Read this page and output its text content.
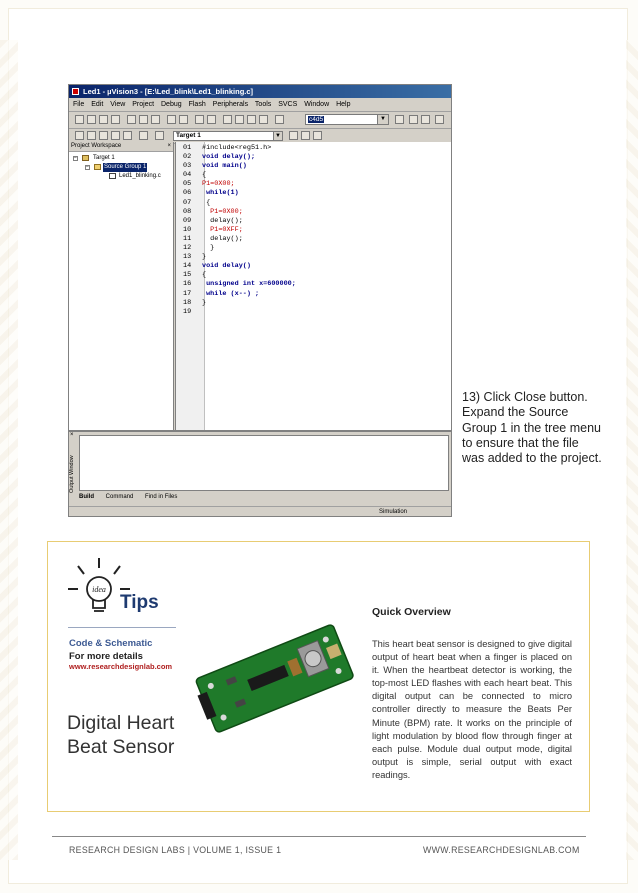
Led1 - µVision3 - [E:\Led_blink\Led1_blinking.c]
File Edit View Project Debug Flash Peripherals Tools SVCS Window Help
c4d5	▼
Target 1	▼
Project Workspace	×
−	Target 1
−	Source Group 1
Led1_blinking.c
01 #include<reg51.h>
02 void delay();
03 void main()
04 {
05 P1=0X00;
06 while(1)
07 {
08  P1=0X00;
09  delay();
10  P1=0XFF;
11  delay();
12  }
13 }
14 void delay()
15 {
16 unsigned int x=600000;
17 while (x--) ;
18 }
19
×
Output Window
Build Command Find in Files
Simulation
13) Click Close button. Expand the Source Group 1 in the tree menu to ensure that the file was added to the project.
idea
Tips
Code & Schematic
For more details
www.researchdesignlab.com
Digital Heart Beat Sensor
Quick Overview
This heart beat sensor is designed to give digital output of heart beat when a finger is placed on it. When the heartbeat detector is working, the top-most LED flashes with each heart beat. This digital output can be connected to micro controller directly to measure the Beats Per Minute (BPM) rate. It works on the principle of light modulation by blood flow through finger at each pulse. Module dual output mode, digital output is simple, serial output with exact readings.
RESEARCH DESIGN LABS | VOLUME 1, ISSUE 1	WWW.RESEARCHDESIGNLAB.COM
